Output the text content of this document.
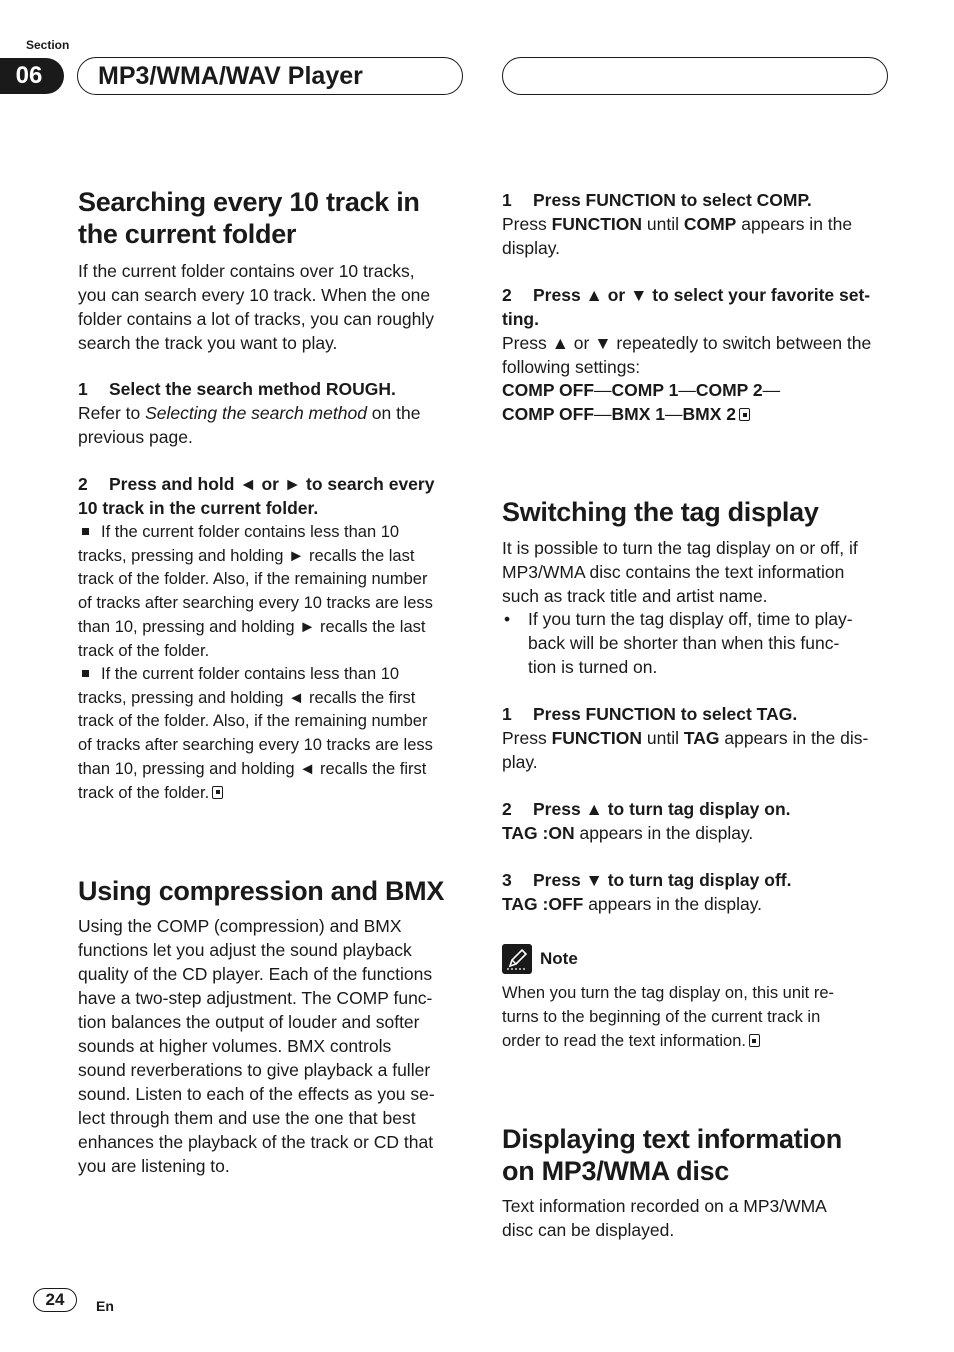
Section
06	MP3/WMA/WAV Player
Searching every 10 track in
the current folder
If the current folder contains over 10 tracks,
you can search every 10 track. When the one
folder contains a lot of tracks, you can roughly
search the track you want to play.
1 Select the search method ROUGH.
Refer to Selecting the search method on the
previous page.
2 Press and hold ◄ or ► to search every
10 track in the current folder.
If the current folder contains less than 10
tracks, pressing and holding ► recalls the last
track of the folder. Also, if the remaining number
of tracks after searching every 10 tracks are less
than 10, pressing and holding ► recalls the last
track of the folder.
If the current folder contains less than 10
tracks, pressing and holding ◄ recalls the first
track of the folder. Also, if the remaining number
of tracks after searching every 10 tracks are less
than 10, pressing and holding ◄ recalls the first
track of the folder.
Using compression and BMX
Using the COMP (compression) and BMX
functions let you adjust the sound playback
quality of the CD player. Each of the functions
have a two-step adjustment. The COMP func-
tion balances the output of louder and softer
sounds at higher volumes. BMX controls
sound reverberations to give playback a fuller
sound. Listen to each of the effects as you se-
lect through them and use the one that best
enhances the playback of the track or CD that
you are listening to.
1 Press FUNCTION to select COMP.
Press FUNCTION until COMP appears in the
display.
2 Press ▲ or ▼ to select your favorite set-
ting.
Press ▲ or ▼ repeatedly to switch between the
following settings:
COMP OFF—COMP 1—COMP 2—
COMP OFF—BMX 1—BMX 2
Switching the tag display
It is possible to turn the tag display on or off, if
MP3/WMA disc contains the text information
such as track title and artist name.
• If you turn the tag display off, time to play-
back will be shorter than when this func-
tion is turned on.
1 Press FUNCTION to select TAG.
Press FUNCTION until TAG appears in the dis-
play.
2 Press ▲ to turn tag display on.
TAG :ON appears in the display.
3 Press ▼ to turn tag display off.
TAG :OFF appears in the display.
Note
When you turn the tag display on, this unit re-
turns to the beginning of the current track in
order to read the text information.
Displaying text information
on MP3/WMA disc
Text information recorded on a MP3/WMA
disc can be displayed.
24	En
